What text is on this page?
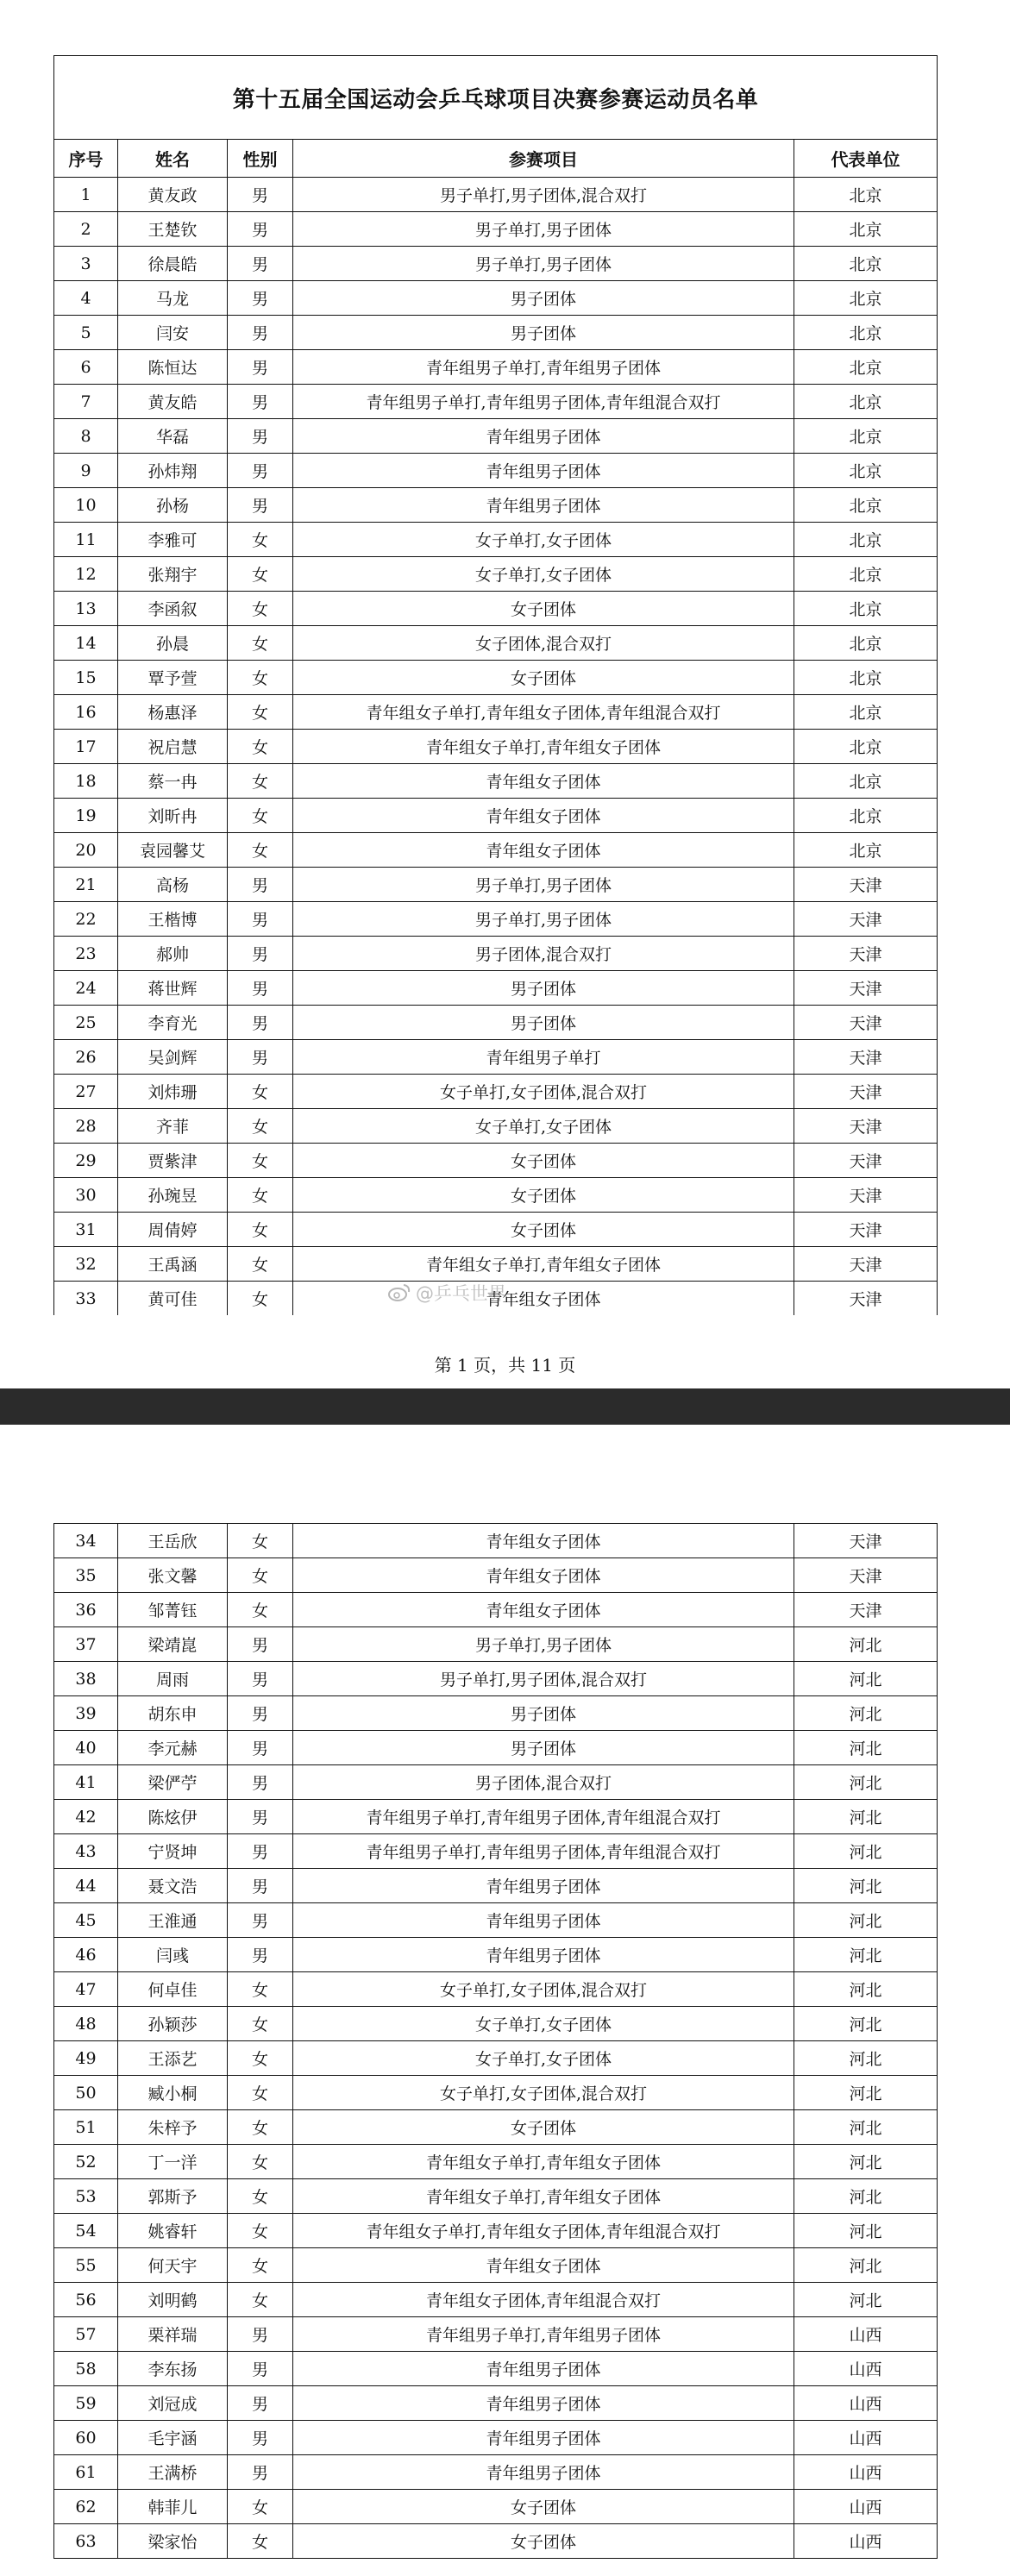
第十五届全国运动会乒乓球项目决赛参赛运动员名单
序号	姓名	性别	参赛项目	代表单位
1	黄友政	男	男子单打,男子团体,混合双打	北京
2	王楚钦	男	男子单打,男子团体	北京
3	徐晨皓	男	男子单打,男子团体	北京
4	马龙	男	男子团体	北京
5	闫安	男	男子团体	北京
6	陈恒达	男	青年组男子单打,青年组男子团体	北京
7	黄友皓	男	青年组男子单打,青年组男子团体,青年组混合双打	北京
8	华磊	男	青年组男子团体	北京
9	孙炜翔	男	青年组男子团体	北京
10	孙杨	男	青年组男子团体	北京
11	李雅可	女	女子单打,女子团体	北京
12	张翔宇	女	女子单打,女子团体	北京
13	李函叙	女	女子团体	北京
14	孙晨	女	女子团体,混合双打	北京
15	覃予萱	女	女子团体	北京
16	杨惠泽	女	青年组女子单打,青年组女子团体,青年组混合双打	北京
17	祝启慧	女	青年组女子单打,青年组女子团体	北京
18	蔡一冉	女	青年组女子团体	北京
19	刘昕冉	女	青年组女子团体	北京
20	袁园馨艾	女	青年组女子团体	北京
21	高杨	男	男子单打,男子团体	天津
22	王楷博	男	男子单打,男子团体	天津
23	郝帅	男	男子团体,混合双打	天津
24	蒋世辉	男	男子团体	天津
25	李育光	男	男子团体	天津
26	吴剑辉	男	青年组男子单打	天津
27	刘炜珊	女	女子单打,女子团体,混合双打	天津
28	齐菲	女	女子单打,女子团体	天津
29	贾紫津	女	女子团体	天津
30	孙琬昱	女	女子团体	天津
31	周倩婷	女	女子团体	天津
32	王禹涵	女	青年组女子单打,青年组女子团体	天津
33	黄可佳	女	青年组女子团体	天津
@乒乓世界
第 1 页，共 11 页
34	王岳欣	女	青年组女子团体	天津
35	张文馨	女	青年组女子团体	天津
36	邹菁钰	女	青年组女子团体	天津
37	梁靖崑	男	男子单打,男子团体	河北
38	周雨	男	男子单打,男子团体,混合双打	河北
39	胡东申	男	男子团体	河北
40	李元赫	男	男子团体	河北
41	梁俨苧	男	男子团体,混合双打	河北
42	陈炫伊	男	青年组男子单打,青年组男子团体,青年组混合双打	河北
43	宁贤坤	男	青年组男子单打,青年组男子团体,青年组混合双打	河北
44	聂文浩	男	青年组男子团体	河北
45	王淮通	男	青年组男子团体	河北
46	闫彧	男	青年组男子团体	河北
47	何卓佳	女	女子单打,女子团体,混合双打	河北
48	孙颖莎	女	女子单打,女子团体	河北
49	王添艺	女	女子单打,女子团体	河北
50	臧小桐	女	女子单打,女子团体,混合双打	河北
51	朱梓予	女	女子团体	河北
52	丁一洋	女	青年组女子单打,青年组女子团体	河北
53	郭斯予	女	青年组女子单打,青年组女子团体	河北
54	姚睿轩	女	青年组女子单打,青年组女子团体,青年组混合双打	河北
55	何天宇	女	青年组女子团体	河北
56	刘明鹤	女	青年组女子团体,青年组混合双打	河北
57	栗祥瑞	男	青年组男子单打,青年组男子团体	山西
58	李东扬	男	青年组男子团体	山西
59	刘冠成	男	青年组男子团体	山西
60	毛宇涵	男	青年组男子团体	山西
61	王满桥	男	青年组男子团体	山西
62	韩菲儿	女	女子团体	山西
63	梁家怡	女	女子团体	山西
